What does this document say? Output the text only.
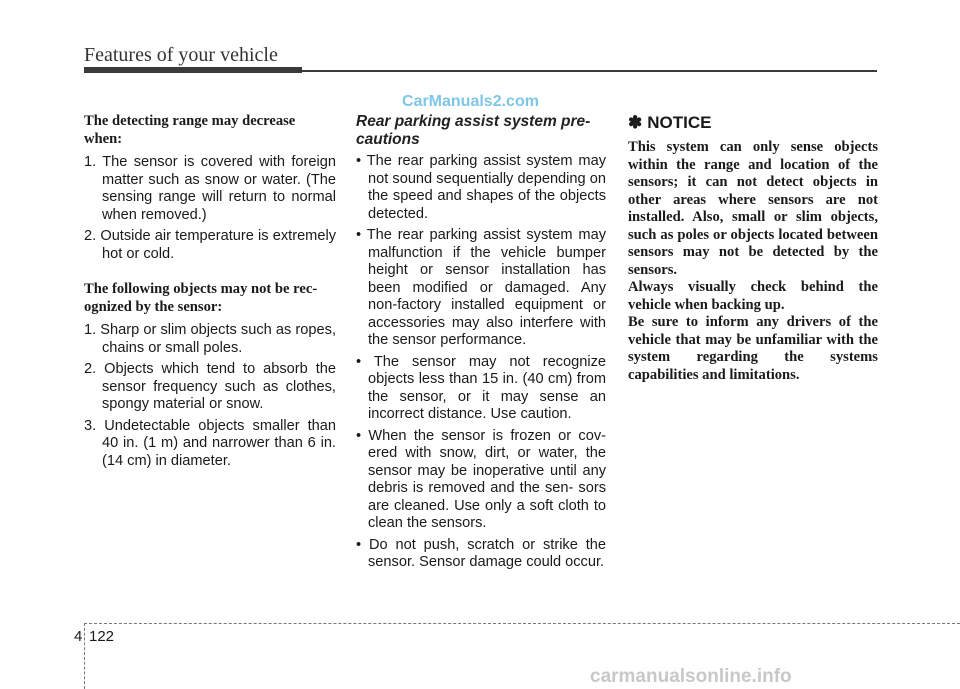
Features of your vehicle
CarManuals2.com
The detecting range may decrease
when:
1. The sensor is covered with foreign matter such as snow or water. (The sensing range will return to normal when removed.)
2. Outside air temperature is extremely hot or cold.
The following objects may not be rec-
ognized by the sensor:
1. Sharp or slim objects such as ropes, chains or small poles.
2. Objects which tend to absorb the sensor frequency such as clothes, spongy material or snow.
3. Undetectable objects smaller than 40 in. (1 m) and narrower than 6 in. (14 cm) in diameter.
Rear parking assist system pre-
cautions
• The rear parking assist system may not sound sequentially depending on the speed and shapes of the objects detected.
• The rear parking assist system may malfunction if the vehicle bumper height or sensor installation has been modified or damaged. Any non-factory installed equipment or accessories may also interfere with the sensor performance.
• The sensor may not recognize objects less than 15 in. (40 cm) from the sensor, or it may sense an incorrect distance. Use caution.
• When the sensor is frozen or cov- ered with snow, dirt, or water, the sensor may be inoperative until any debris is removed and the sen- sors are cleaned. Use only a soft cloth to clean the sensors.
• Do not push, scratch or strike the sensor. Sensor damage could occur.
✽ NOTICE
This system can only sense objects within the range and location of the sensors; it can not detect objects in other areas where sensors are not installed. Also, small or slim objects, such as poles or objects located between sensors may not be detected by the sensors.
Always visually check behind the vehicle when backing up.
Be sure to inform any drivers of the vehicle that may be unfamiliar with the system regarding the systems capabilities and limitations.
4 122
carmanualsonline.info
